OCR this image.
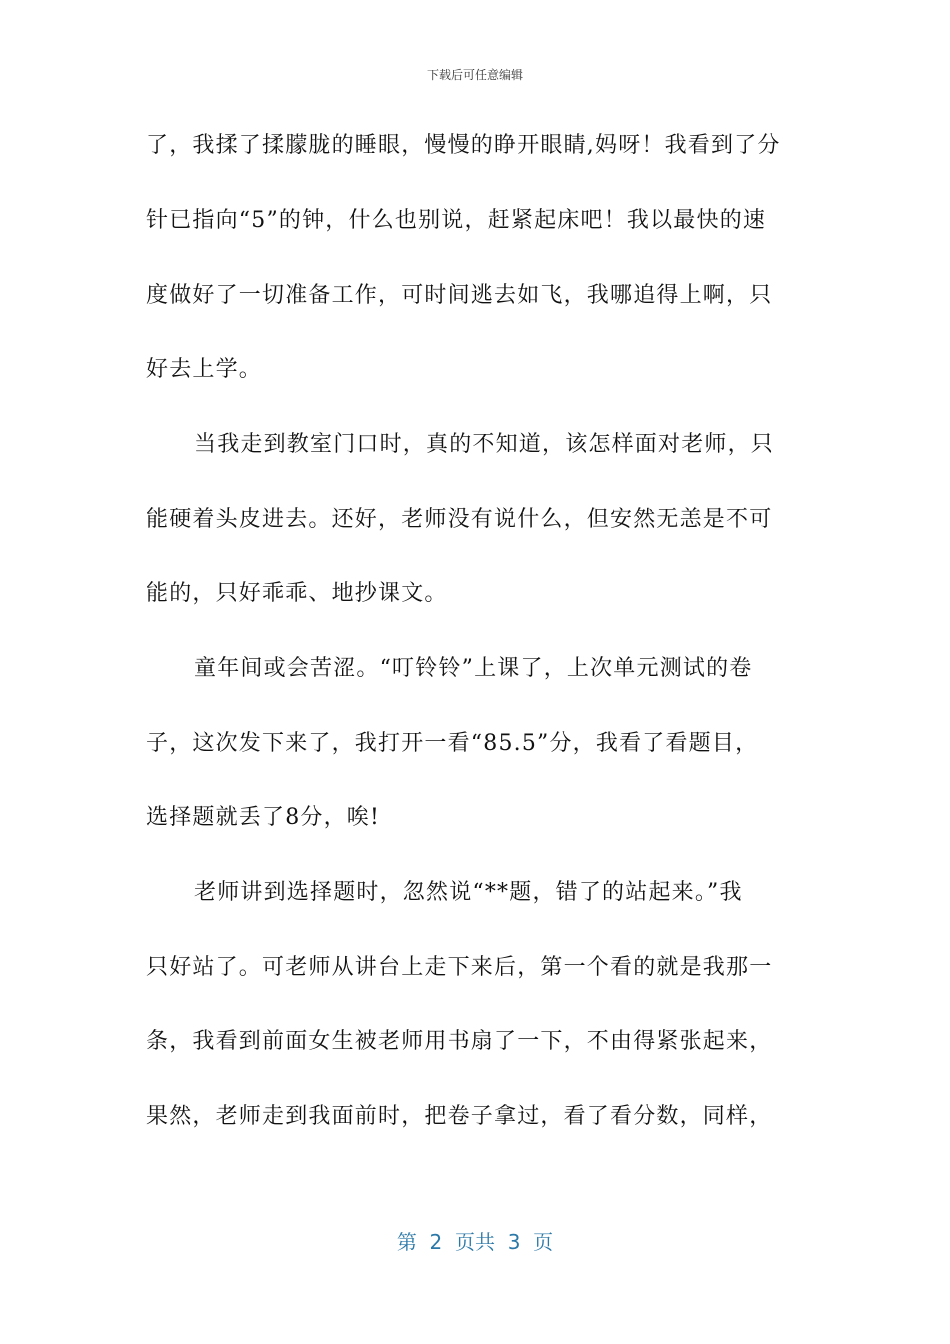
下载后可任意编辑
了，我揉了揉朦胧的睡眼，慢慢的睁开眼睛,妈呀！我看到了分
针已指向“5”的钟，什么也别说，赶紧起床吧！我以最快的速
度做好了一切准备工作，可时间逃去如飞，我哪追得上啊，只
好去上学。
当我走到教室门口时，真的不知道，该怎样面对老师，只
能硬着头皮进去。还好，老师没有说什么，但安然无恙是不可
能的，只好乖乖、地抄课文。
童年间或会苦涩。“叮铃铃”上课了，上次单元测试的卷
子，这次发下来了，我打开一看“85.5”分，我看了看题目，
选择题就丢了8分，唉!
老师讲到选择题时，忽然说“**题，错了的站起来。”我
只好站了。可老师从讲台上走下来后，第一个看的就是我那一
条，我看到前面女生被老师用书扇了一下，不由得紧张起来，
果然，老师走到我面前时，把卷子拿过，看了看分数，同样，
第  2  页共  3  页
